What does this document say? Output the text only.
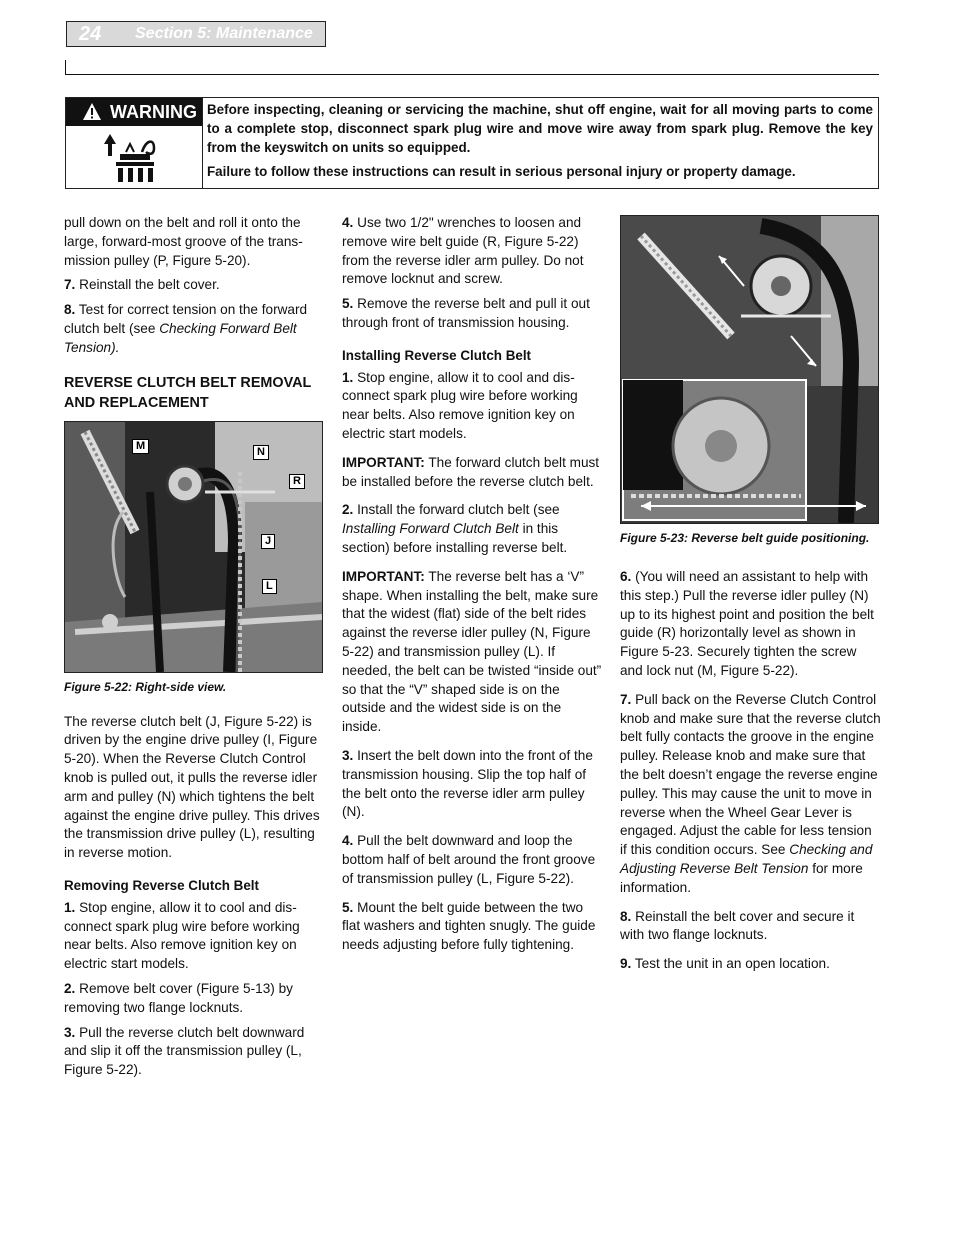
24 Section 5: Maintenance
WARNING Before inspecting, cleaning or servicing the machine, shut off engine, wait for all moving parts to come to a complete stop, disconnect spark plug wire and move wire away from spark plug. Remove the key from the keyswitch on units so equipped.

Failure to follow these instructions can result in serious personal injury or property damage.

pull down on the belt and roll it onto the large, forward-most groove of the trans-mission pulley (P, Figure 5-20).

7. Reinstall the belt cover.

8. Test for correct tension on the forward clutch belt (see Checking Forward Belt Tension).

REVERSE CLUTCH BELT REMOVAL AND REPLACEMENT

M	N
R
J
L

Figure 5-22: Right-side view.

The reverse clutch belt (J, Figure 5-22) is driven by the engine drive pulley (I, Figure 5-20). When the Reverse Clutch Control knob is pulled out, it pulls the reverse idler arm and pulley (N) which tightens the belt against the engine drive pulley. This drives the transmission drive pulley (L), resulting in reverse motion.

Removing Reverse Clutch Belt

1. Stop engine, allow it to cool and dis-connect spark plug wire before working near belts. Also remove ignition key on electric start models.

2. Remove belt cover (Figure 5-13) by removing two flange locknuts.

3. Pull the reverse clutch belt downward and slip it off the transmission pulley (L, Figure 5-22).

4. Use two 1/2" wrenches to loosen and remove wire belt guide (R, Figure 5-22) from the reverse idler arm pulley. Do not remove locknut and screw.

5. Remove the reverse belt and pull it out through front of transmission housing.

Installing Reverse Clutch Belt

1. Stop engine, allow it to cool and dis-connect spark plug wire before working near belts. Also remove ignition key on electric start models.

IMPORTANT: The forward clutch belt must be installed before the reverse clutch belt.

2. Install the forward clutch belt (see Installing Forward Clutch Belt in this section) before installing reverse belt.

IMPORTANT: The reverse belt has a ‘V” shape. When installing the belt, make sure that the widest (flat) side of the belt rides against the reverse idler pulley (N, Figure 5-22) and transmission pulley (L). If needed, the belt can be twisted “inside out” so that the “V” shaped side is on the outside and the widest side is on the inside.

3. Insert the belt down into the front of the transmission housing. Slip the top half of the belt onto the reverse idler arm pulley (N).

4. Pull the belt downward and loop the bottom half of belt around the front groove of transmission pulley (L, Figure 5-22).

5. Mount the belt guide between the two flat washers and tighten snugly. The guide needs adjusting before fully tightening.

Figure 5-23: Reverse belt guide positioning.

6. (You will need an assistant to help with this step.) Pull the reverse idler pulley (N) up to its highest point and position the belt guide (R) horizontally level as shown in Figure 5-23. Securely tighten the screw and lock nut (M, Figure 5-22).

7. Pull back on the Reverse Clutch Control knob and make sure that the reverse clutch belt fully contacts the groove in the engine pulley. Release knob and make sure that the belt doesn’t engage the reverse engine pulley. This may cause the unit to move in reverse when the Wheel Gear Lever is engaged. Adjust the cable for less tension if this condition occurs. See Checking and Adjusting Reverse Belt Tension for more information.

8. Reinstall the belt cover and secure it with two flange locknuts.

9. Test the unit in an open location.
